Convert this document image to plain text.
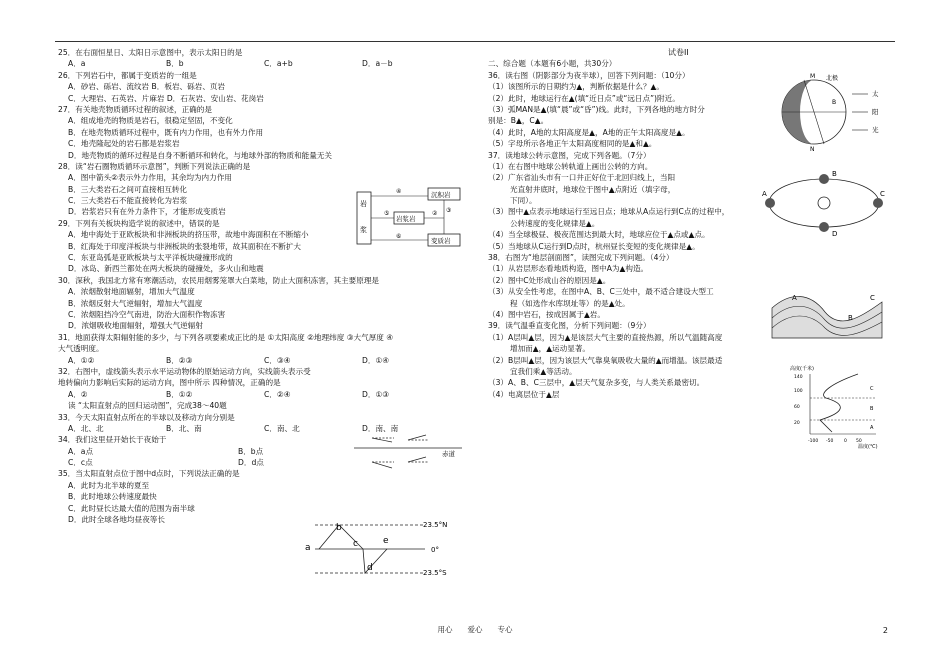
试卷II
25．在右面恒星日、太阳日示意图中，表示太阳日的是
A．a	B．b	C．a+b	D．a－b
26．下列岩石中，都属于变质岩的一组是
A．砂岩、砾岩、流纹岩 B．板岩、砾岩、页岩
C．大理岩、石英岩、片麻岩 D．石灰岩、安山岩、花岗岩
27．有关地壳物质循环过程的叙述，正确的是
A．组成地壳的物质是岩石，很稳定坚固，不变化
B．在地壳物质循环过程中，既有内力作用，也有外力作用
C．地壳隆起处的岩石都是岩浆岩
D．地壳物质的循环过程是自身不断循环和转化，与地球外部的物质和能量无关
28．读“岩石圈物质循环示意图”，判断下列说法正确的是
A．图中箭头②表示外力作用，其余均为内力作用
B．三大类岩石之间可直接相互转化
C．三大类岩石不能直接转化为岩浆
D．岩浆岩只有在外力条件下，才能形成变质岩
29．下列有关板块构造学说的叙述中，错误的是
A．地中海处于亚欧板块和非洲板块的挤压带，故地中海面积在不断缩小
B．红海处于印度洋板块与非洲板块的张裂地带，故其面积在不断扩大
C．东亚岛弧是亚欧板块与太平洋板块碰撞形成的
D．冰岛、新西兰都处在两大板块的碰撞处，多火山和地震
30．深秋，我国北方常有寒潮活动，农民用烟雾笼罩大白菜地，防止大面积冻害，其主要原理是
A．浓烟散射地面辐射，增加大气温度
B．浓烟反射大气逆辐射，增加大气温度
C．浓烟阻挡冷空气南进，防治大面积作物冻害
D．浓烟吸收地面辐射，增强大气逆辐射
31．地面获得太阳辐射能的多少，与下列各项要素成正比的是 ①太阳高度 ②地理纬度 ③大气厚度 ④
大气透明度。
A．①②	B．②③	C．③④	D．①④
32．右图中，虚线箭头表示水平运动物体的原始运动方向，实线箭头表示受
地转偏向力影响后实际的运动方向，图中所示 四种情况，正确的是
A．②	B．①②	C．②④	D．①③
读 “太阳直射点的回归运动图”，完成38～40题
33．今天太阳直射点所在的半球以及移动方向分别是
A．北、北	B．北、南	C．南、北	D．南、南
34．我们这里昼开始长于夜始于
A．a点	B．b点
C．c点	D．d点
35．当太阳直射点位于图中d点时，下列说法正确的是
A．此时为北半球的夏至
B．此时地球公转速度最快
C．此时昼长达最大值的范围为南半球
D．此时全球各地均昼夜等长

二、综合题（本题有6小题，共30分）
36．读右图（阴影部分为夜半球），回答下列问题：（10分）
（1）该图所示的日期约为▲，判断依据是什么？▲。
（2）此时，地球运行在▲(填“近日点”或“远日点”)附近。
（3）弧MAN是▲(填“晨”或“昏”)线。此时，下列各地的地方时分
别是：B▲，C▲。
（4）此时，A地的太阳高度是▲，A地的正午太阳高度是▲。
（5）字母所示各地正午太阳高度相同的是▲和▲。
37．读地球公转示意图，完成下列各题。（7分）
（1）在右图中地球公转轨道上画出公转的方向。
（2）广东省汕头市有一口井正好位于北回归线上，当阳
光直射井底时，地球位于图中▲点附近（填字母，
下同）。
（3）图中▲点表示地球运行至远日点；地球从A点运行到C点的过程中，
公转速度的变化规律是▲。
（4）当全球极昼、极夜范围达到最大时，地球应位于▲点或▲点。
（5）当地球从C运行到D点时，杭州昼长变短的变化规律是▲。
38．右图为“地层剖面图”，读图完成下列问题。（4分）
（1）从岩层形态看地质构造，图中A为▲构造。
（2）图中C处形成山谷的原因是▲。
（3）从安全性考虑，在图中A、B、C三处中，最不适合建设大型工
程（如选作水库坝址等）的是▲处。
（4）图中岩石，按成因属于▲岩。
39．读气温垂直变化图，分析下列问题：（9分）
（1）A层叫▲层，因为▲是该层大气主要的直接热源，所以气温随高度
增加而▲，▲运动显著。
（2）B层叫▲层，因为该层大气靠臭氧吸收大量的▲而增温。该层最适
宜我们乘▲等活动。
（3）A、B、C三层中，▲层天气复杂多变，与人类关系最密切。
（4）电离层位于▲层
岩
浆
沉积岩
岩浆岩
变质岩
④
⑤	②
⑥
③
赤道
a
b
c
d
e
23.5°N
0°
23.5°S
北极
M
N
B
太
阳
光
A
B
C
D
A
B
C
高度(千米)
140
100
60
20
C
B
A
-100 -50 0 50
温度(℃)
用心　　爱心　　专心	2
